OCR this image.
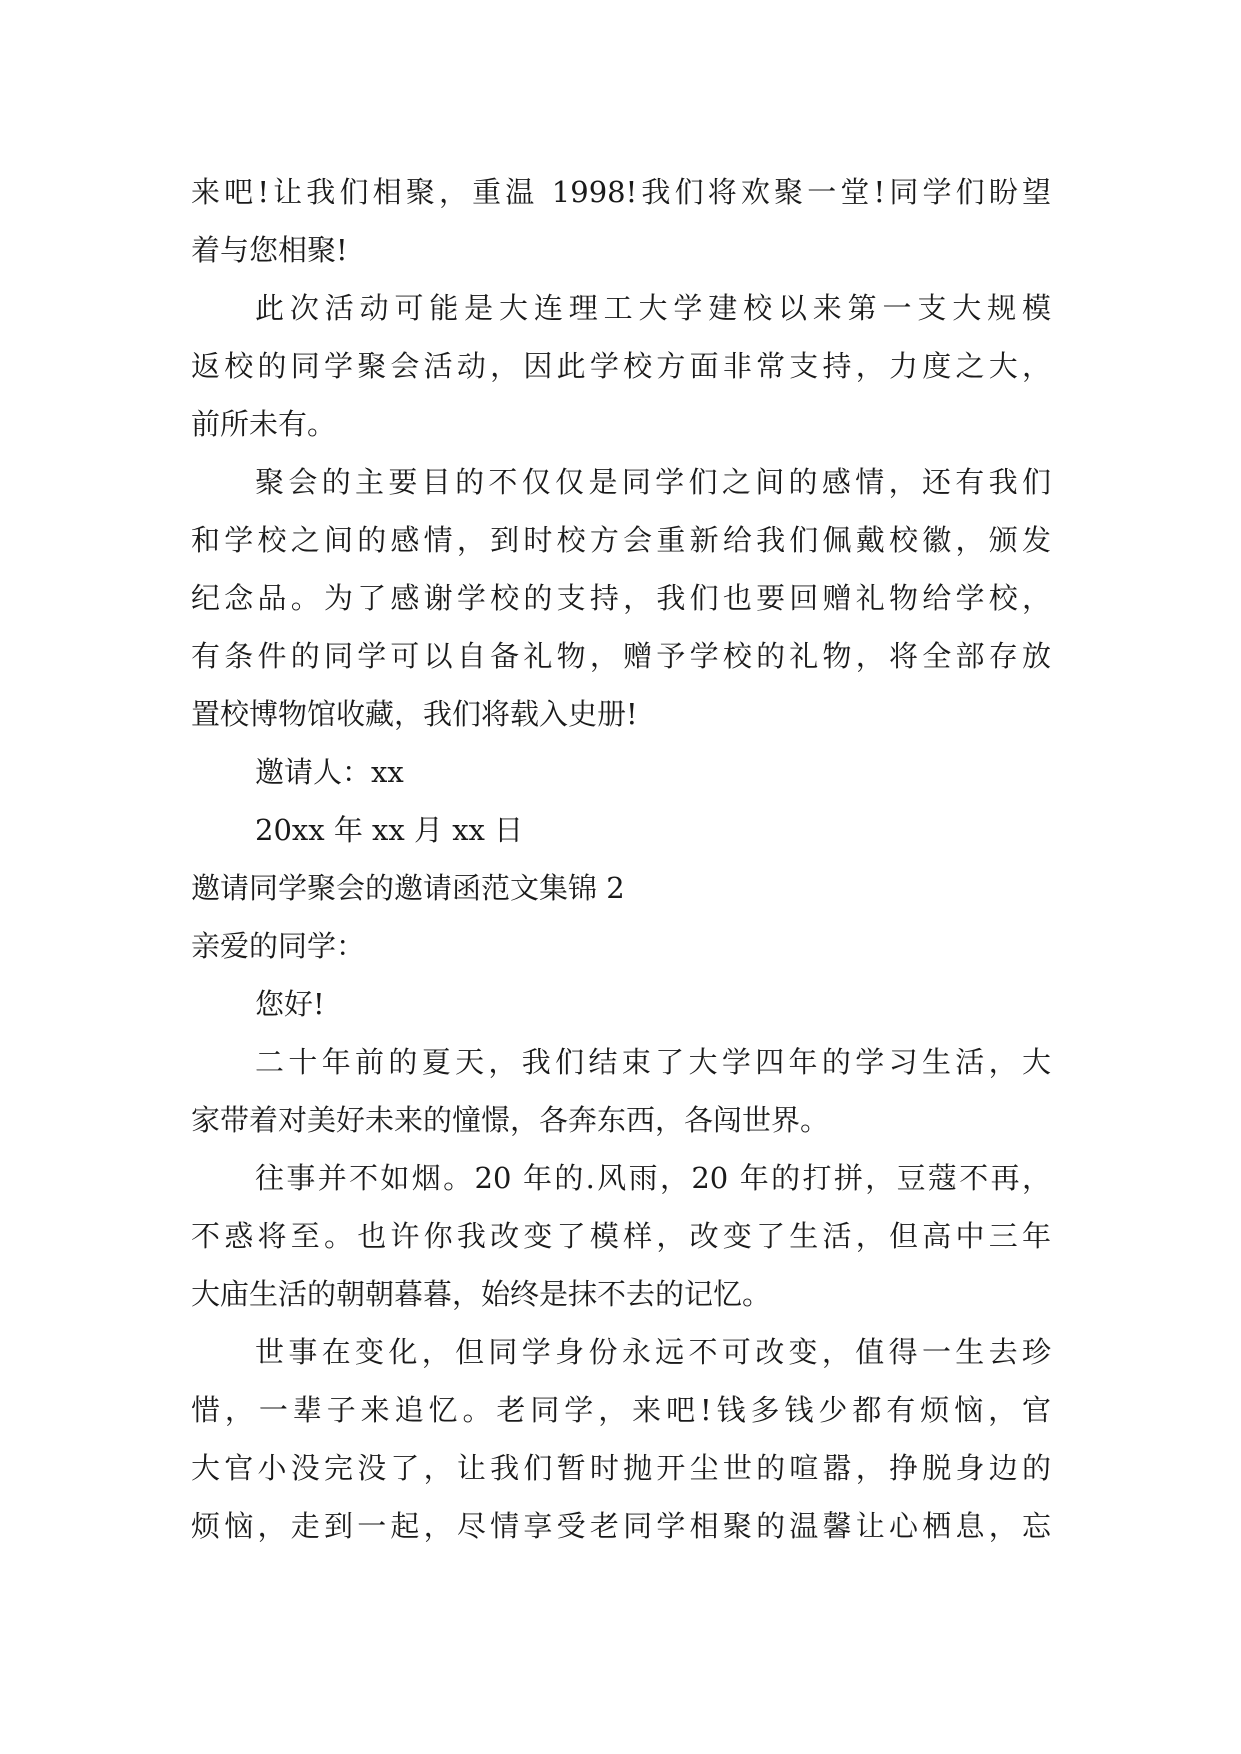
来吧!让我们相聚，重温 1998!我们将欢聚一堂!同学们盼望
着与您相聚!
此次活动可能是大连理工大学建校以来第一支大规模
返校的同学聚会活动，因此学校方面非常支持，力度之大，
前所未有。
聚会的主要目的不仅仅是同学们之间的感情，还有我们
和学校之间的感情，到时校方会重新给我们佩戴校徽，颁发
纪念品。为了感谢学校的支持，我们也要回赠礼物给学校，
有条件的同学可以自备礼物，赠予学校的礼物，将全部存放
置校博物馆收藏，我们将载入史册!
邀请人：xx
20xx 年 xx 月 xx 日
邀请同学聚会的邀请函范文集锦 2
亲爱的同学：
您好!
二十年前的夏天，我们结束了大学四年的学习生活，大
家带着对美好未来的憧憬，各奔东西，各闯世界。
往事并不如烟。20 年的.风雨，20 年的打拼，豆蔻不再，
不惑将至。也许你我改变了模样，改变了生活，但高中三年
大庙生活的朝朝暮暮，始终是抹不去的记忆。
世事在变化，但同学身份永远不可改变，值得一生去珍
惜，一辈子来追忆。老同学，来吧!钱多钱少都有烦恼，官
大官小没完没了，让我们暂时抛开尘世的喧嚣，挣脱身边的
烦恼，走到一起，尽情享受老同学相聚的温馨让心栖息，忘
